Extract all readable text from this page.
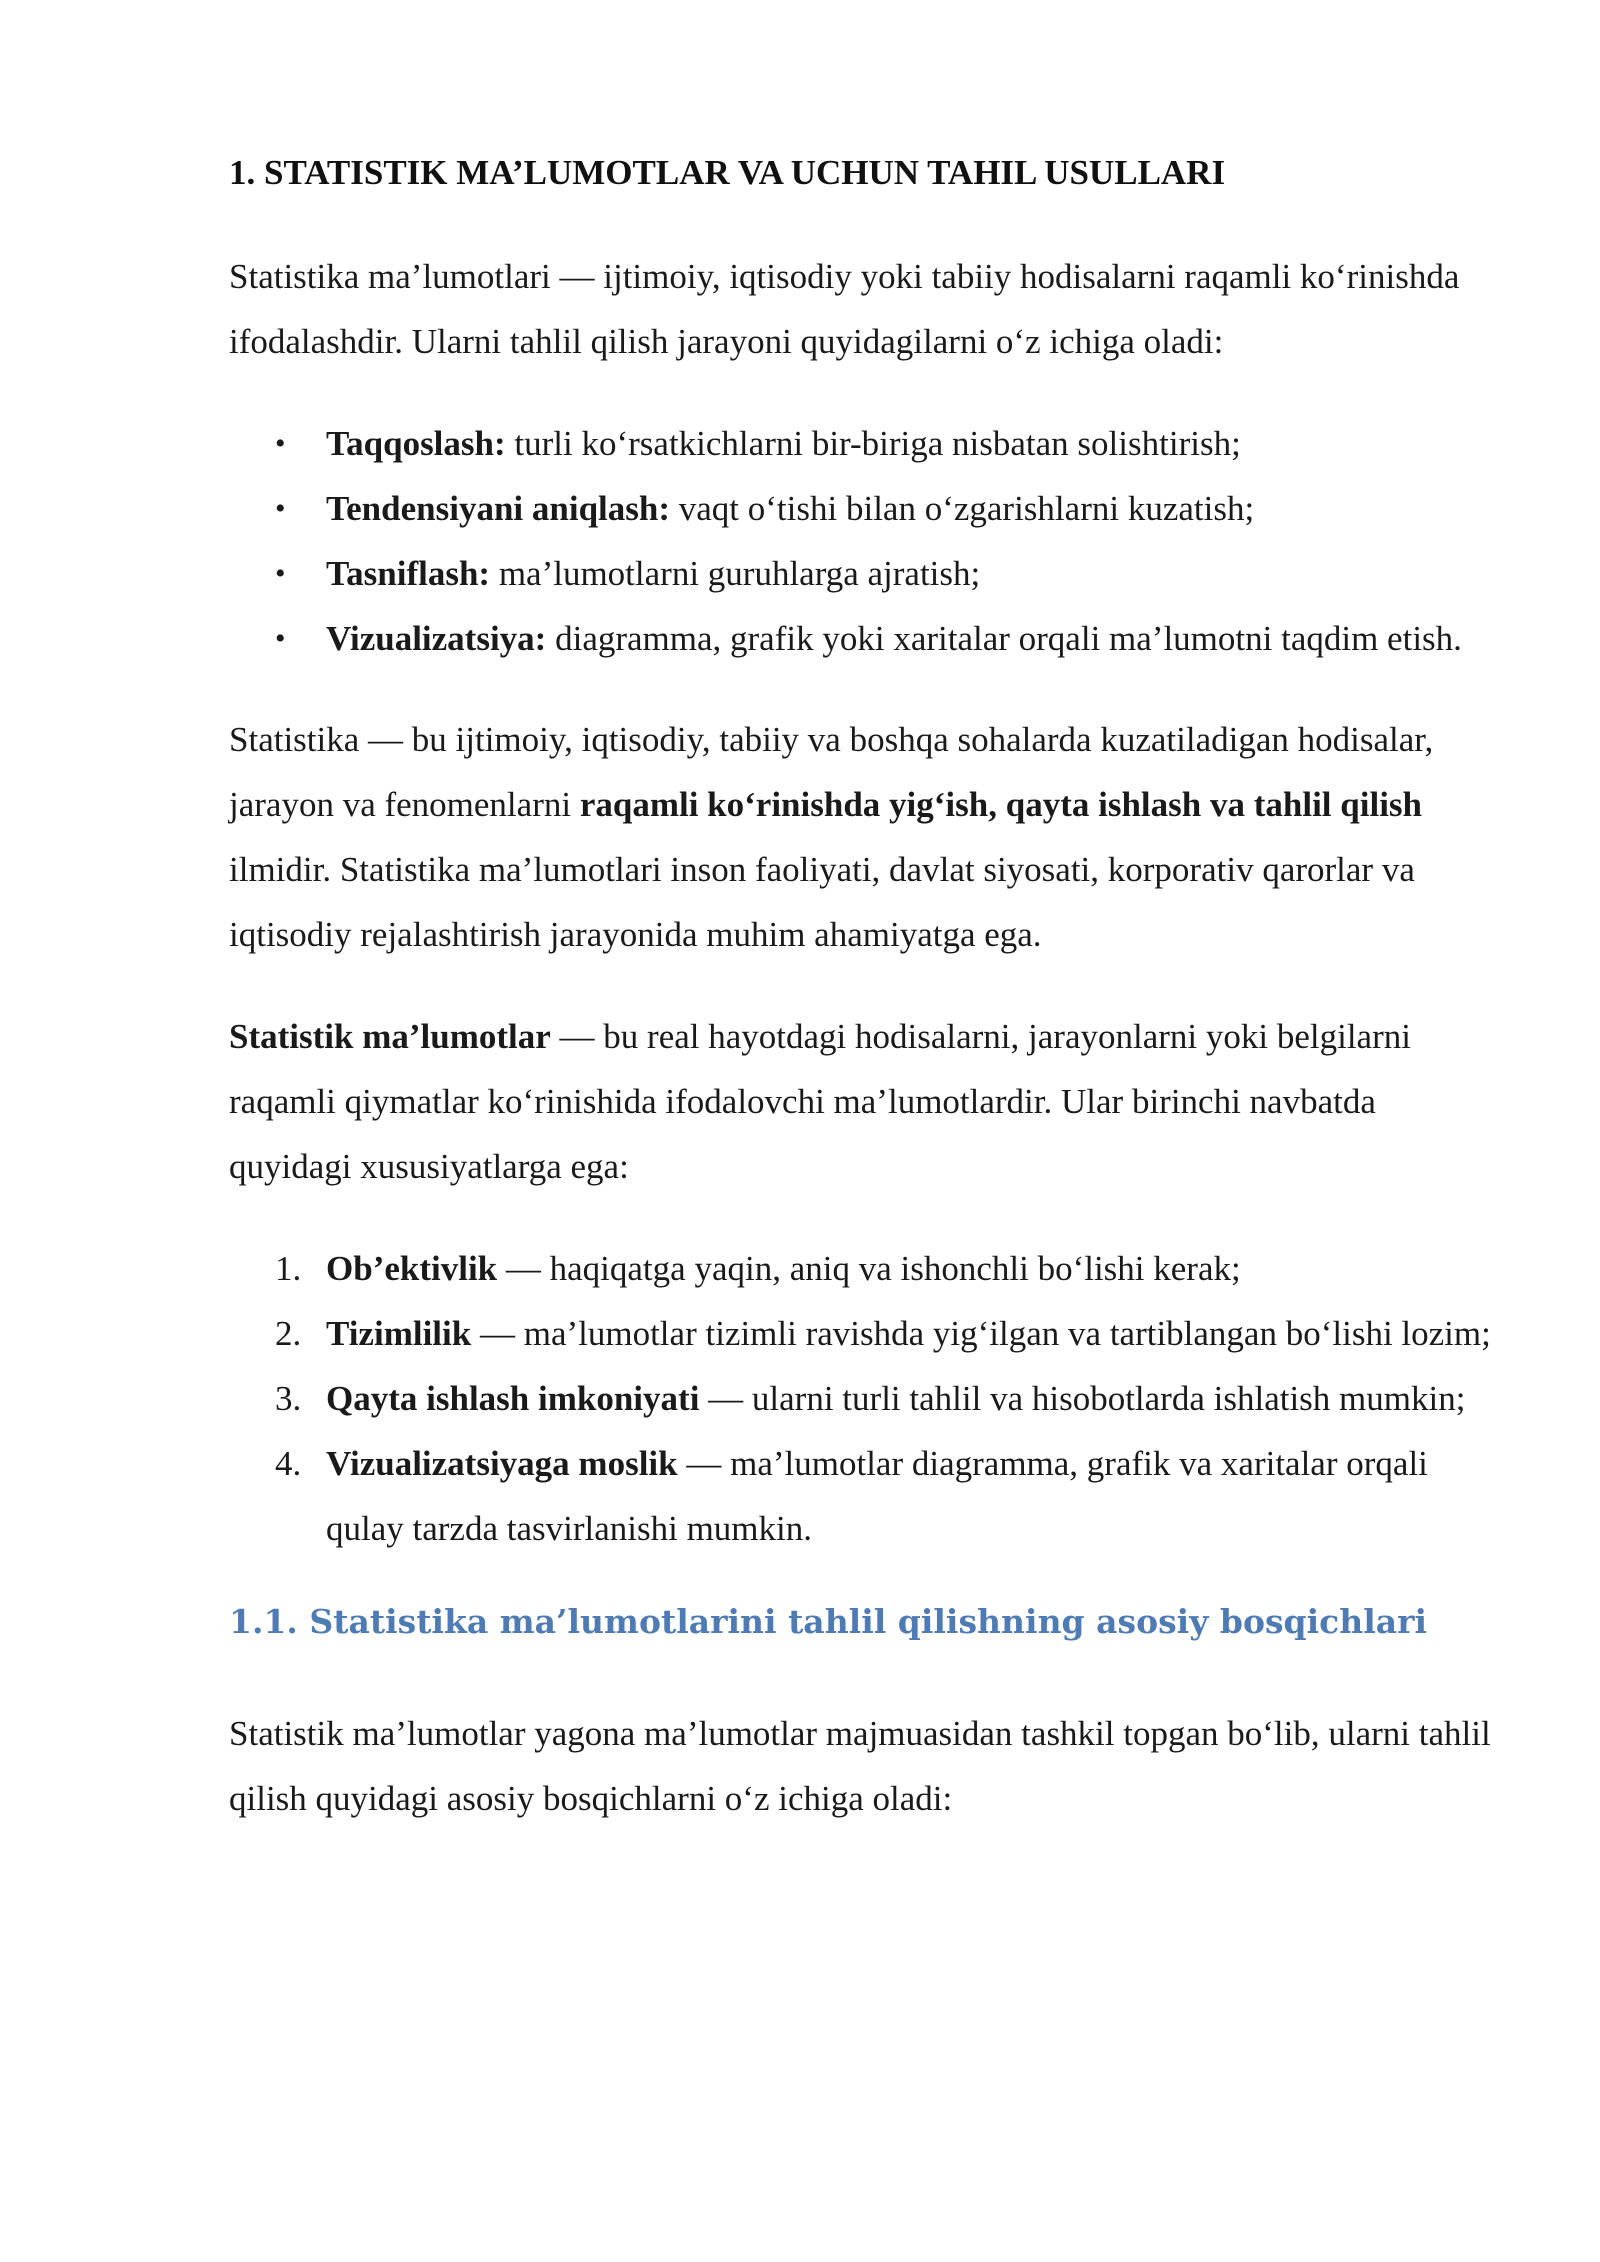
1. STATISTIK MA’LUMOTLAR VA UCHUN TAHIL USULLARI

Statistika ma’lumotlari — ijtimoiy, iqtisodiy yoki tabiiy hodisalarni raqamli ko‘rinishda ifodalashdir. Ularni tahlil qilish jarayoni quyidagilarni o‘z ichiga oladi:

• Taqqoslash: turli ko‘rsatkichlarni bir-biriga nisbatan solishtirish;
• Tendensiyani aniqlash: vaqt o‘tishi bilan o‘zgarishlarni kuzatish;
• Tasniflash: ma’lumotlarni guruhlarga ajratish;
• Vizualizatsiya: diagramma, grafik yoki xaritalar orqali ma’lumotni taqdim etish.

Statistika — bu ijtimoiy, iqtisodiy, tabiiy va boshqa sohalarda kuzatiladigan hodisalar, jarayon va fenomenlarni raqamli ko‘rinishda yig‘ish, qayta ishlash va tahlil qilish ilmidir. Statistika ma’lumotlari inson faoliyati, davlat siyosati, korporativ qarorlar va iqtisodiy rejalashtirish jarayonida muhim ahamiyatga ega.

Statistik ma’lumotlar — bu real hayotdagi hodisalarni, jarayonlarni yoki belgilarni raqamli qiymatlar ko‘rinishida ifodalovchi ma’lumotlardir. Ular birinchi navbatda quyidagi xususiyatlarga ega:

1. Ob’ektivlik — haqiqatga yaqin, aniq va ishonchli bo‘lishi kerak;
2. Tizimlilik — ma’lumotlar tizimli ravishda yig‘ilgan va tartiblangan bo‘lishi lozim;
3. Qayta ishlash imkoniyati — ularni turli tahlil va hisobotlarda ishlatish mumkin;
4. Vizualizatsiyaga moslik — ma’lumotlar diagramma, grafik va xaritalar orqali qulay tarzda tasvirlanishi mumkin.
1.1. Statistika ma’lumotlarini tahlil qilishning asosiy bosqichlari

Statistik ma’lumotlar yagona ma’lumotlar majmuasidan tashkil topgan bo‘lib, ularni tahlil qilish quyidagi asosiy bosqichlarni o‘z ichiga oladi:
